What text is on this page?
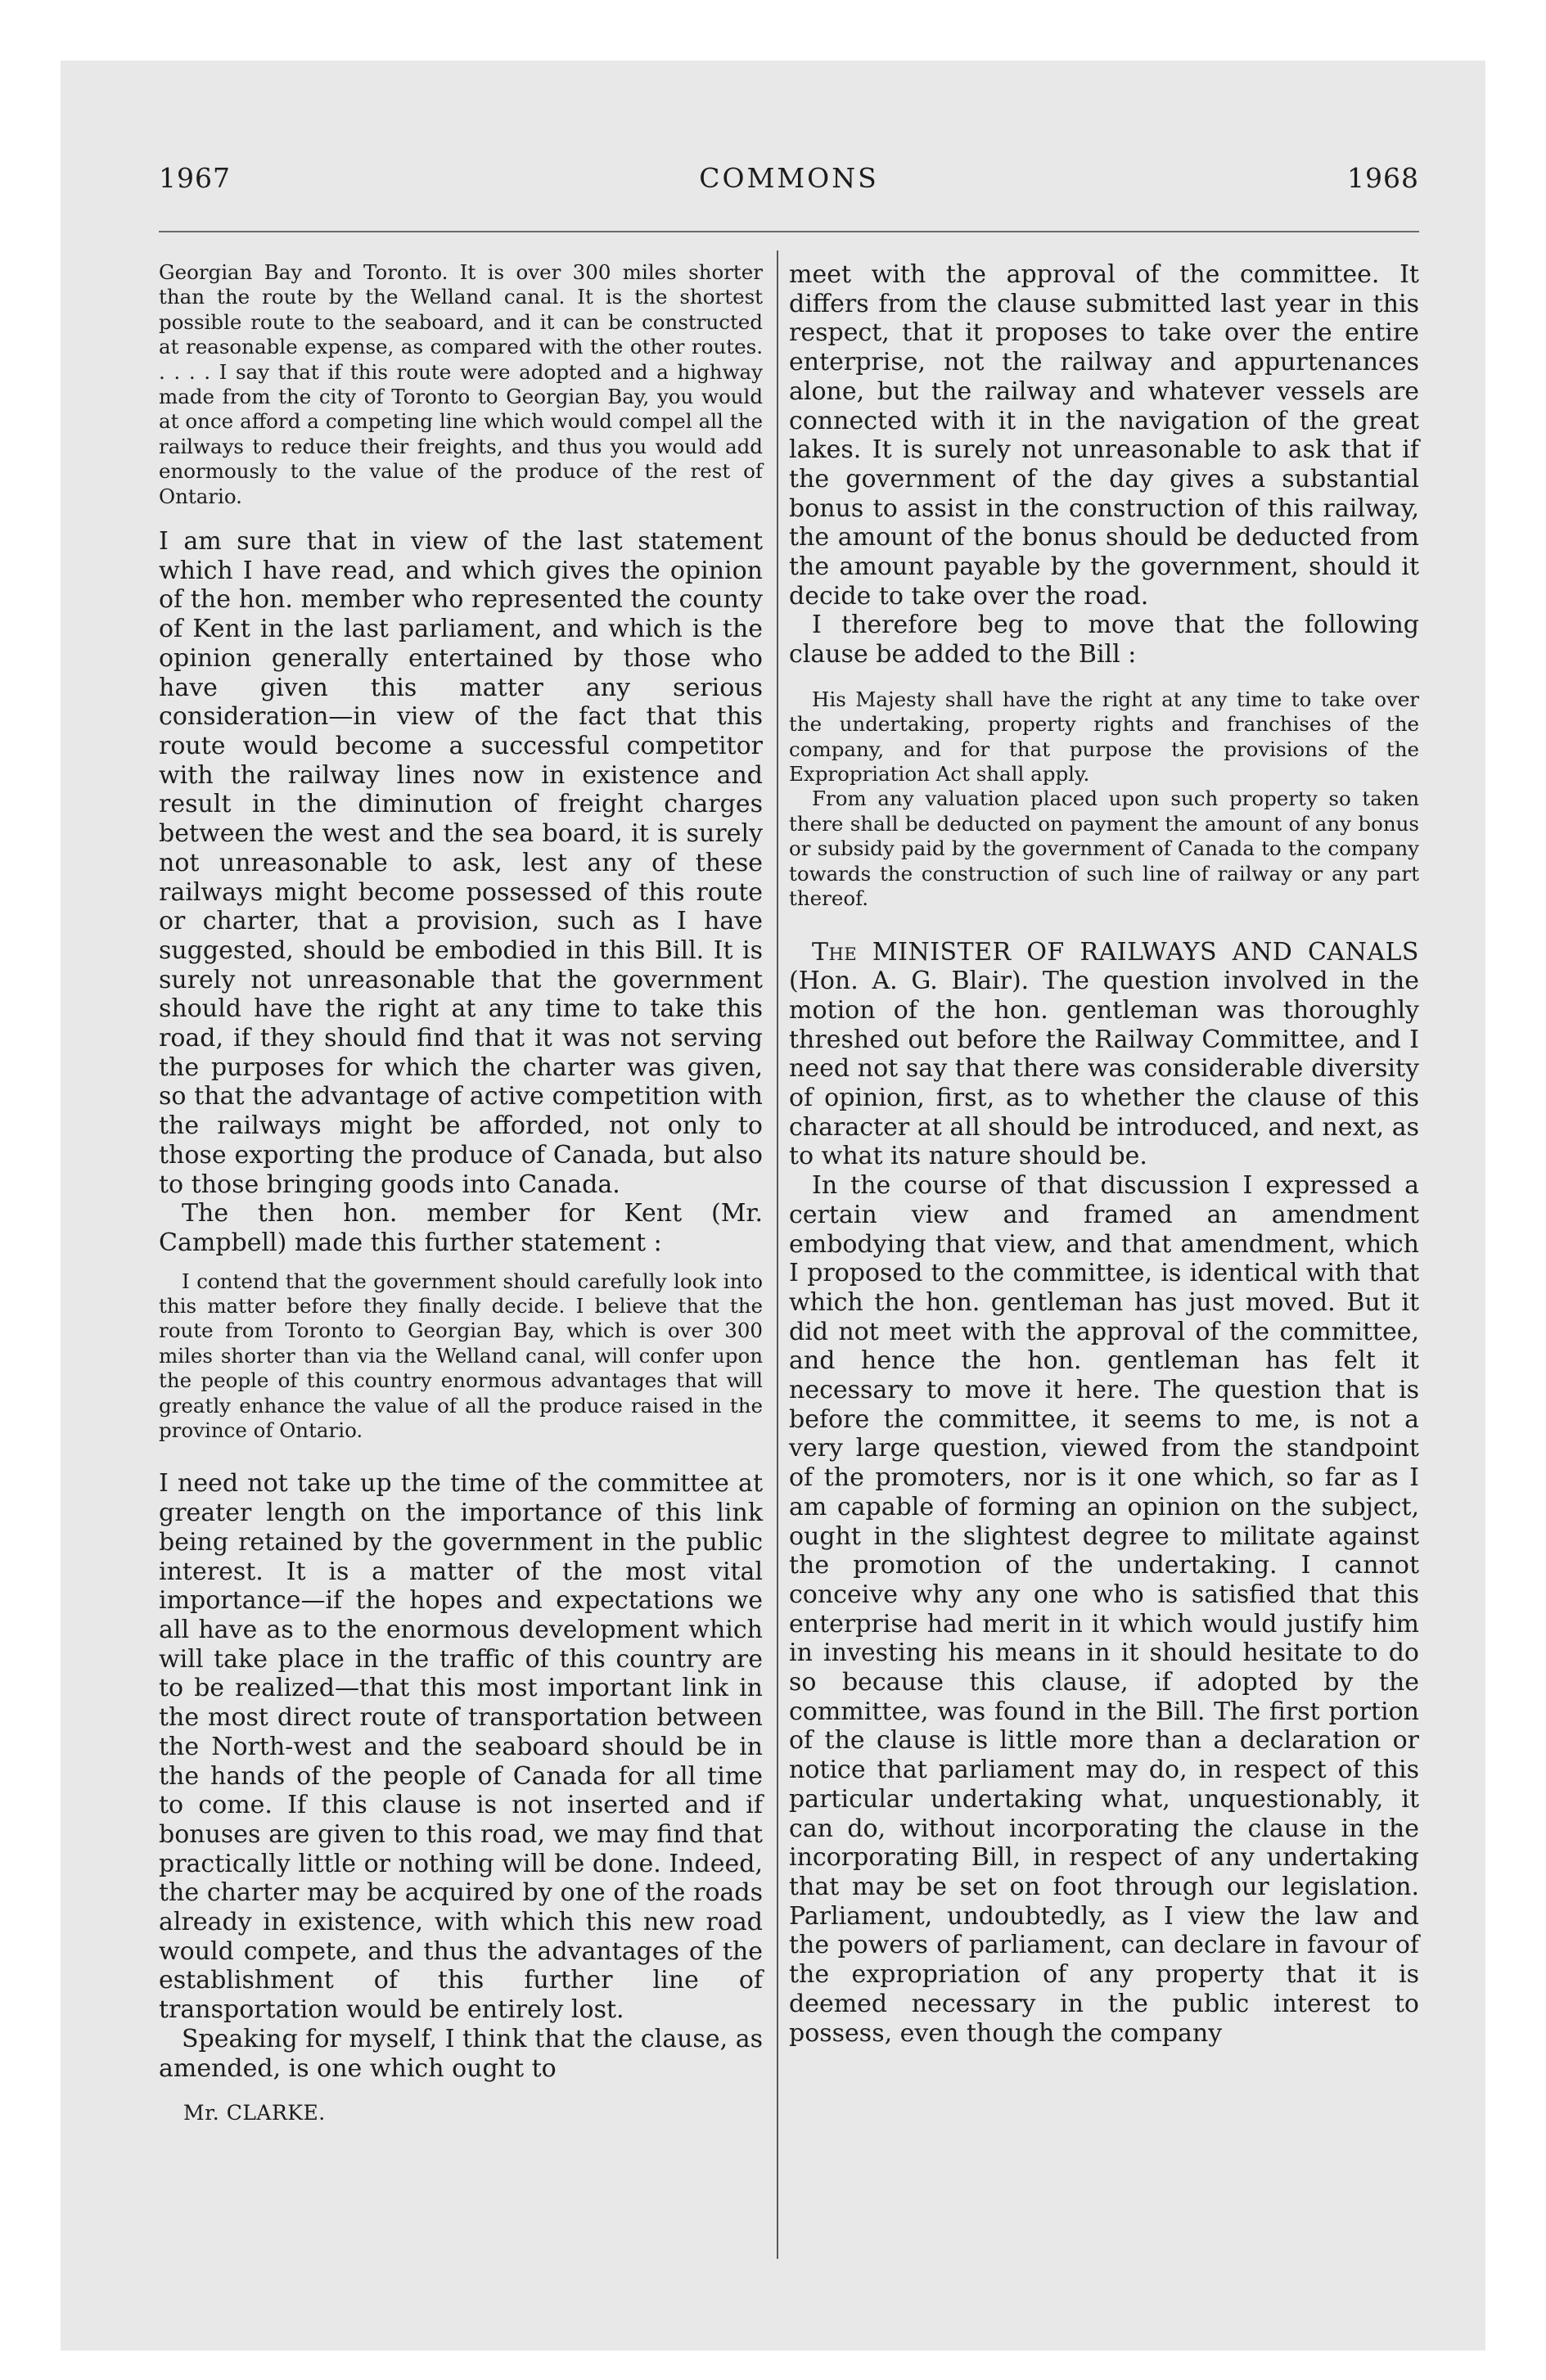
1967	COMMONS	1968

Georgian Bay and Toronto. It is over 300 miles shorter than the route by the Welland canal. It is the shortest possible route to the seaboard, and it can be constructed at reasonable expense, as compared with the other routes. . . . . I say that if this route were adopted and a highway made from the city of Toronto to Georgian Bay, you would at once afford a competing line which would compel all the railways to reduce their freights, and thus you would add enormously to the value of the produce of the rest of Ontario.

I am sure that in view of the last statement which I have read, and which gives the opinion of the hon. member who represented the county of Kent in the last parliament, and which is the opinion generally entertained by those who have given this matter any serious consideration—in view of the fact that this route would become a successful competitor with the railway lines now in existence and result in the diminution of freight charges between the west and the sea board, it is surely not unreasonable to ask, lest any of these railways might become possessed of this route or charter, that a provision, such as I have suggested, should be embodied in this Bill. It is surely not unreasonable that the government should have the right at any time to take this road, if they should find that it was not serving the purposes for which the charter was given, so that the advantage of active competition with the railways might be afforded, not only to those exporting the produce of Canada, but also to those bringing goods into Canada.

The then hon. member for Kent (Mr. Campbell) made this further statement :

I contend that the government should carefully look into this matter before they finally decide. I believe that the route from Toronto to Georgian Bay, which is over 300 miles shorter than via the Welland canal, will confer upon the people of this country enormous advantages that will greatly enhance the value of all the produce raised in the province of Ontario.

I need not take up the time of the committee at greater length on the importance of this link being retained by the government in the public interest. It is a matter of the most vital importance—if the hopes and expectations we all have as to the enormous development which will take place in the traffic of this country are to be realized—that this most important link in the most direct route of transportation between the North-west and the seaboard should be in the hands of the people of Canada for all time to come. If this clause is not inserted and if bonuses are given to this road, we may find that practically little or nothing will be done. Indeed, the charter may be acquired by one of the roads already in existence, with which this new road would compete, and thus the advantages of the establishment of this further line of transportation would be entirely lost.

Speaking for myself, I think that the clause, as amended, is one which ought to

Mr. CLARKE.

meet with the approval of the committee. It differs from the clause submitted last year in this respect, that it proposes to take over the entire enterprise, not the railway and appurtenances alone, but the railway and whatever vessels are connected with it in the navigation of the great lakes. It is surely not unreasonable to ask that if the government of the day gives a substantial bonus to assist in the construction of this railway, the amount of the bonus should be deducted from the amount payable by the government, should it decide to take over the road.

I therefore beg to move that the following clause be added to the Bill :

His Majesty shall have the right at any time to take over the undertaking, property rights and franchises of the company, and for that purpose the provisions of the Expropriation Act shall apply.

From any valuation placed upon such property so taken there shall be deducted on payment the amount of any bonus or subsidy paid by the government of Canada to the company towards the construction of such line of railway or any part thereof.

The MINISTER OF RAILWAYS AND CANALS (Hon. A. G. Blair). The question involved in the motion of the hon. gentleman was thoroughly threshed out before the Railway Committee, and I need not say that there was considerable diversity of opinion, first, as to whether the clause of this character at all should be introduced, and next, as to what its nature should be.

In the course of that discussion I expressed a certain view and framed an amendment embodying that view, and that amendment, which I proposed to the committee, is identical with that which the hon. gentleman has just moved. But it did not meet with the approval of the committee, and hence the hon. gentleman has felt it necessary to move it here. The question that is before the committee, it seems to me, is not a very large question, viewed from the standpoint of the promoters, nor is it one which, so far as I am capable of forming an opinion on the subject, ought in the slightest degree to militate against the promotion of the undertaking. I cannot conceive why any one who is satisfied that this enterprise had merit in it which would justify him in investing his means in it should hesitate to do so because this clause, if adopted by the committee, was found in the Bill. The first portion of the clause is little more than a declaration or notice that parliament may do, in respect of this particular undertaking what, unquestionably, it can do, without incorporating the clause in the incorporating Bill, in respect of any undertaking that may be set on foot through our legislation. Parliament, undoubtedly, as I view the law and the powers of parliament, can declare in favour of the expropriation of any property that it is deemed necessary in the public interest to possess, even though the company
